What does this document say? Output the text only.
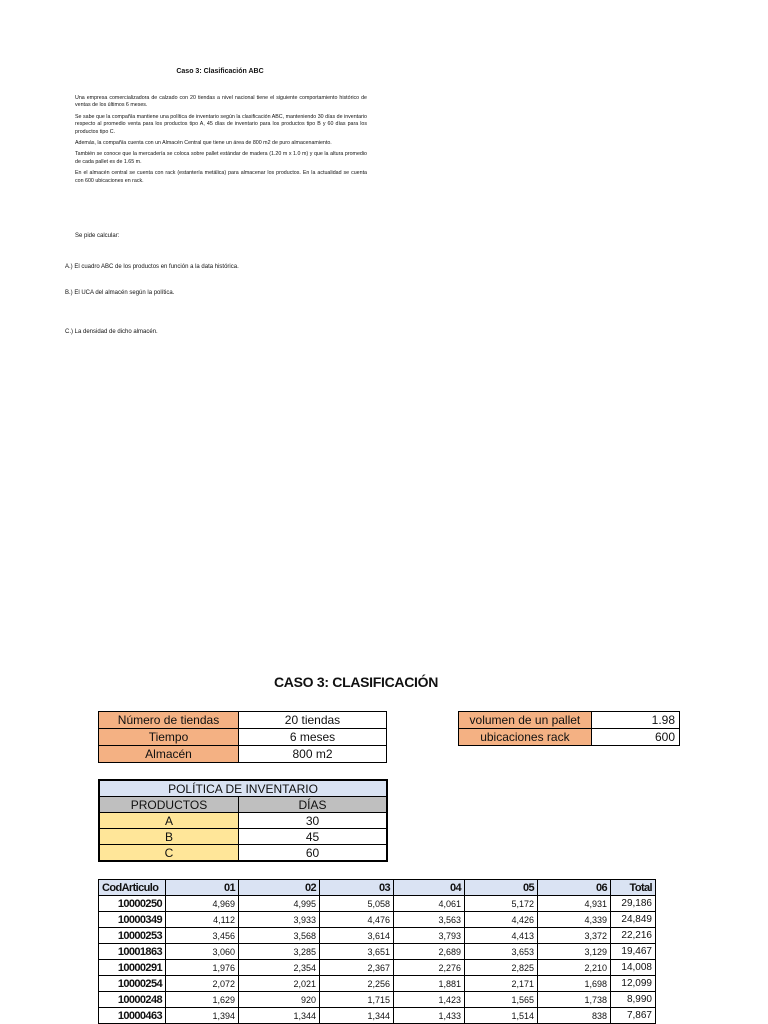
Caso 3: Clasificación ABC

Una empresa comercializadora de calzado con 20 tiendas a nivel nacional tiene el siguiente comportamiento histórico de ventas de los últimos 6 meses.

Se sabe que la compañía mantiene una política de inventario según la clasificación ABC, manteniendo 30 días de inventario respecto al promedio venta para los productos tipo A, 45 días de inventario para los productos tipo B y 60 días para los productos tipo C.

Además, la compañía cuenta con un Almacén Central que tiene un área de 800 m2 de puro almacenamiento.

También se conoce que la mercadería se coloca sobre pallet estándar de madera (1.20 m x 1.0 m) y que la altura promedio de cada pallet es de 1.65 m.

En el almacén central se cuenta con rack (estantería metálica) para almacenar los productos. En la actualidad se cuenta con 600 ubicaciones en rack.

Se pide calcular:
A.) El cuadro ABC de los productos en función a la data histórica.
B.) El UCA del almacén según la política.
C.) La densidad de dicho almacén.
CASO 3: CLASIFICACIÓN
Número de tiendas	20 tiendas
Tiempo	6 meses
Almacén	800 m2
volumen de un pallet	1.98
ubicaciones rack	600
POLÍTICA DE INVENTARIO	
PRODUCTOS	DÍAS
A	30
B	45
C	60
CodArticulo	01	02	03	04	05	06	Total
10000250	4,969	4,995	5,058	4,061	5,172	4,931	29,186
10000349	4,112	3,933	4,476	3,563	4,426	4,339	24,849
10000253	3,456	3,568	3,614	3,793	4,413	3,372	22,216
10001863	3,060	3,285	3,651	2,689	3,653	3,129	19,467
10000291	1,976	2,354	2,367	2,276	2,825	2,210	14,008
10000254	2,072	2,021	2,256	1,881	2,171	1,698	12,099
10000248	1,629	920	1,715	1,423	1,565	1,738	8,990
10000463	1,394	1,344	1,344	1,433	1,514	838	7,867
